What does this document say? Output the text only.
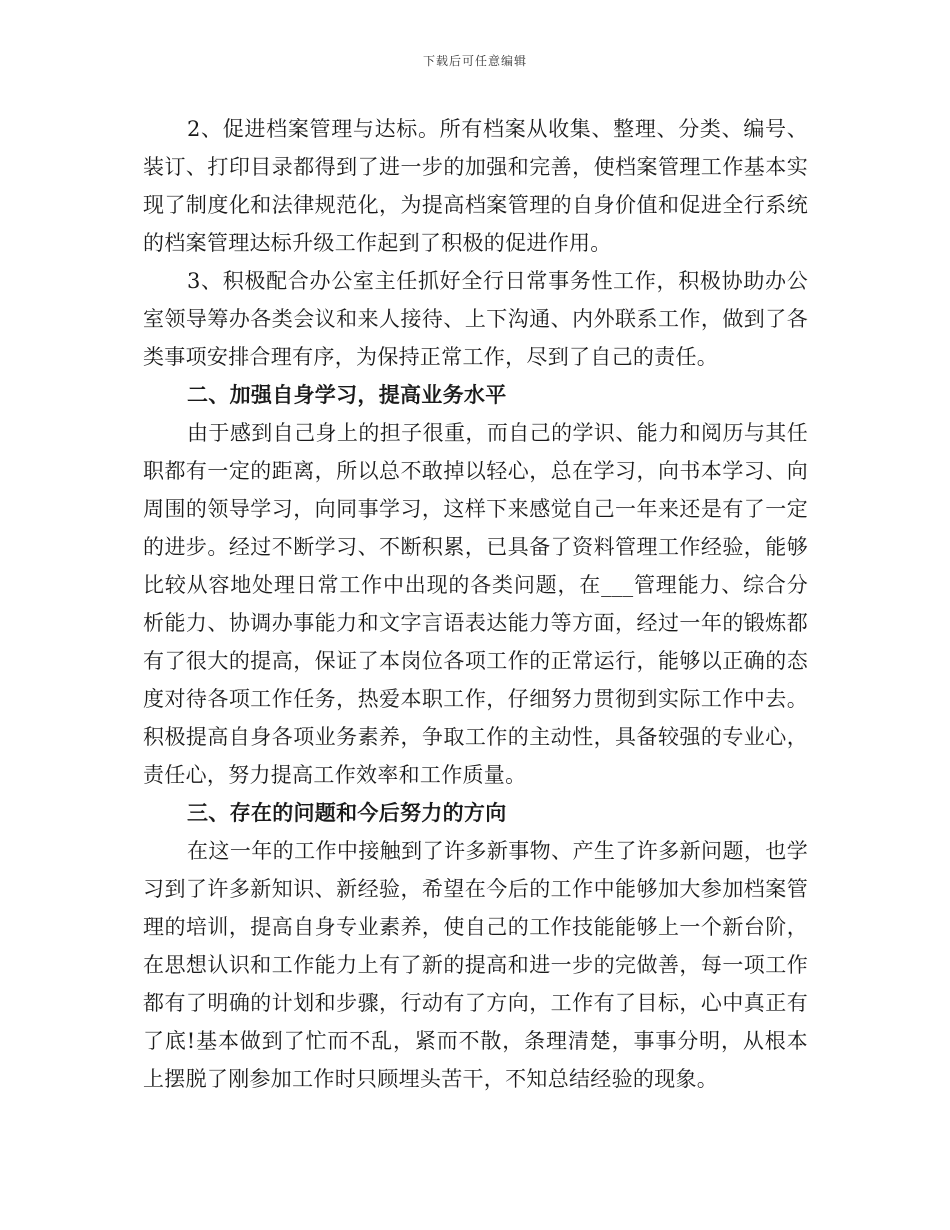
下载后可任意编辑

2、促进档案管理与达标。所有档案从收集、整理、分类、编号、装订、打印目录都得到了进一步的加强和完善，使档案管理工作基本实现了制度化和法律规范化，为提高档案管理的自身价值和促进全行系统的档案管理达标升级工作起到了积极的促进作用。

3、积极配合办公室主任抓好全行日常事务性工作，积极协助办公室领导筹办各类会议和来人接待、上下沟通、内外联系工作，做到了各类事项安排合理有序，为保持正常工作，尽到了自己的责任。

二、加强自身学习，提高业务水平

由于感到自己身上的担子很重，而自己的学识、能力和阅历与其任职都有一定的距离，所以总不敢掉以轻心，总在学习，向书本学习、向周围的领导学习，向同事学习，这样下来感觉自己一年来还是有了一定的进步。经过不断学习、不断积累，已具备了资料管理工作经验，能够比较从容地处理日常工作中出现的各类问题，在___管理能力、综合分析能力、协调办事能力和文字言语表达能力等方面，经过一年的锻炼都有了很大的提高，保证了本岗位各项工作的正常运行，能够以正确的态度对待各项工作任务，热爱本职工作，仔细努力贯彻到实际工作中去。积极提高自身各项业务素养，争取工作的主动性，具备较强的专业心，责任心，努力提高工作效率和工作质量。

三、存在的问题和今后努力的方向

在这一年的工作中接触到了许多新事物、产生了许多新问题，也学习到了许多新知识、新经验，希望在今后的工作中能够加大参加档案管理的培训，提高自身专业素养，使自己的工作技能能够上一个新台阶，在思想认识和工作能力上有了新的提高和进一步的完做善，每一项工作都有了明确的计划和步骤，行动有了方向，工作有了目标，心中真正有了底!基本做到了忙而不乱，紧而不散，条理清楚，事事分明，从根本上摆脱了刚参加工作时只顾埋头苦干，不知总结经验的现象。
